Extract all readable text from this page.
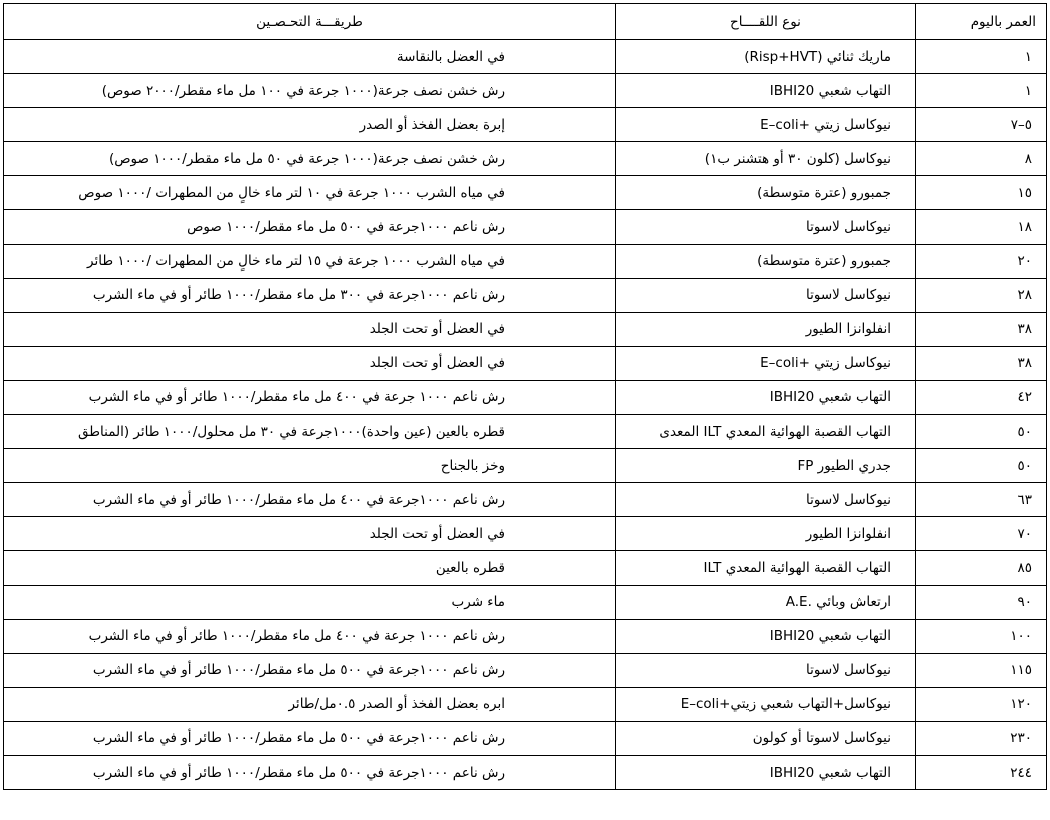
العمر باليوم	نوع اللقــــاح	طريقـــة التحـصـين
١	ماريك ثنائي (Risp+HVT)	في العضل بالنقاسة
١	التهاب شعبي IBHI20	رش خشن نصف جرعة(١٠٠٠ جرعة في ١٠٠ مل ماء مقطر/٢٠٠٠ صوص)
٥–٧	نيوكاسل زيتي +E–coli	إبرة بعضل الفخذ أو الصدر
٨	نيوكاسل (كلون ٣٠ أو هتشنر ب١)	رش خشن نصف جرعة(١٠٠٠ جرعة في ٥٠ مل ماء مقطر/١٠٠٠ صوص)
١٥	جمبورو (عترة متوسطة)	في مياه الشرب ١٠٠٠ جرعة في ١٠ لتر ماء خالٍ من المطهرات /١٠٠٠ صوص
١٨	نيوكاسل لاسوتا	رش ناعم ١٠٠٠جرعة في ٥٠٠ مل ماء مقطر/١٠٠٠ صوص
٢٠	جمبورو (عترة متوسطة)	في مياه الشرب ١٠٠٠ جرعة في ١٥ لتر ماء خالٍ من المطهرات /١٠٠٠ طائر
٢٨	نيوكاسل لاسوتا	رش ناعم ١٠٠٠جرعة في ٣٠٠ مل ماء مقطر/١٠٠٠ طائر أو في ماء الشرب
٣٨	انفلوانزا الطيور	في العضل أو تحت الجلد
٣٨	نيوكاسل زيتي +E–coli	في العضل أو تحت الجلد
٤٢	التهاب شعبي IBHI20	رش ناعم ١٠٠٠ جرعة في ٤٠٠ مل ماء مقطر/١٠٠٠ طائر أو في ماء الشرب
٥٠	التهاب القصبة الهوائية المعدي ILT المعدى	قطره بالعين (عين واحدة)١٠٠٠جرعة في ٣٠ مل محلول/١٠٠٠ طائر (المناطق
٥٠	جدري الطيور FP	وخز بالجناح
٦٣	نيوكاسل لاسوتا	رش ناعم ١٠٠٠جرعة في ٤٠٠ مل ماء مقطر/١٠٠٠ طائر أو في ماء الشرب
٧٠	انفلوانزا الطيور	في العضل أو تحت الجلد
٨٥	التهاب القصبة الهوائية المعدي ILT	قطره بالعين
٩٠	ارتعاش وبائي .A.E	ماء شرب
١٠٠	التهاب شعبي IBHI20	رش ناعم ١٠٠٠ جرعة في ٤٠٠ مل ماء مقطر/١٠٠٠ طائر أو في ماء الشرب
١١٥	نيوكاسل لاسوتا	رش ناعم ١٠٠٠جرعة في ٥٠٠ مل ماء مقطر/١٠٠٠ طائر أو في ماء الشرب
١٢٠	نيوكاسل+التهاب شعبي زيتي+E–coli	ابره بعضل الفخذ أو الصدر ٠.٥مل/طائر
٢٣٠	نيوكاسل لاسوتا أو كولون	رش ناعم ١٠٠٠جرعة في ٥٠٠ مل ماء مقطر/١٠٠٠ طائر أو في ماء الشرب
٢٤٤	التهاب شعبي IBHI20	رش ناعم ١٠٠٠جرعة في ٥٠٠ مل ماء مقطر/١٠٠٠ طائر أو في ماء الشرب
